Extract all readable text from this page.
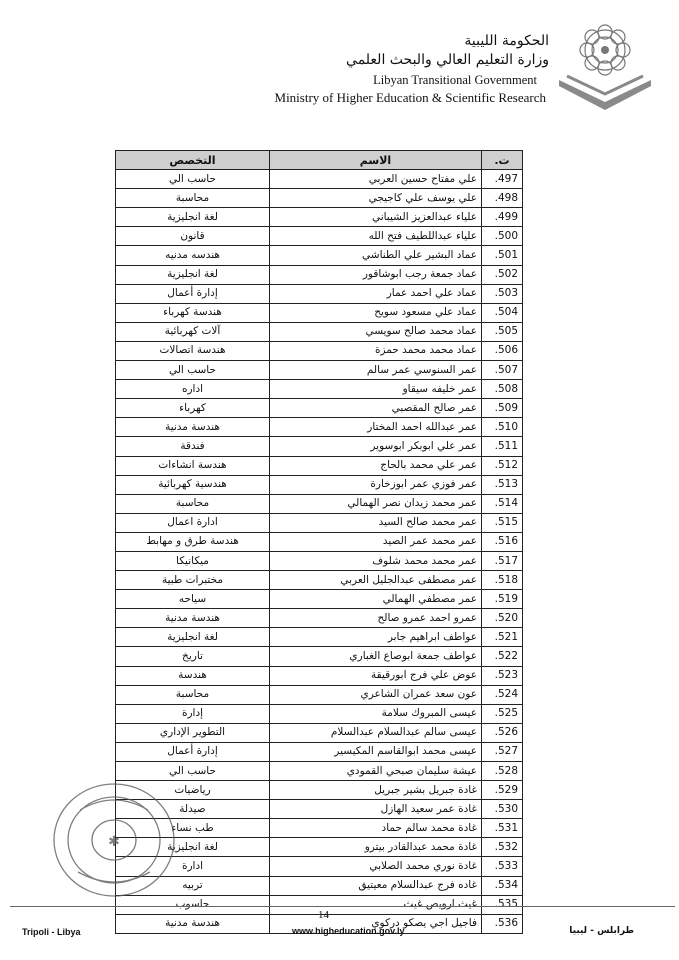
الحكومة الليبية
وزارة التعليم العالي والبحث العلمي
Libyan Transitional Government
Ministry of Higher Education & Scientific Research
ت.	الاسم	التخصص
497.	علي مفتاح حسين العربي	حاسب الي
498.	علي يوسف علي كاجيجي	محاسبة
499.	علياء عبدالعزيز الشيباني	لغة انجليزية
500.	علياء عبداللطيف فتح الله	قانون
501.	عماد البشير علي الطناشي	هندسه مدنيه
502.	عماد جمعة رجب ابوشاقور	لغة انجليزية
503.	عماد علي احمد عمار	إدارة أعمال
504.	عماد علي مسعود سويح	هندسة كهرباء
505.	عماد محمد صالح سويسي	آلات كهربائية
506.	عماد محمد محمد حمزة	هندسة اتصالات
507.	عمر السنوسي عمر سالم	حاسب الي
508.	عمر خليفه سيقاو	اداره
509.	عمر صالح المقصبي	كهرباء
510.	عمر عبدالله احمد المختار	هندسة مدنية
511.	عمر علي ابوبكر ابوسوير	فندقة
512.	عمر علي محمد بالحاج	هندسة انشاءات
513.	عمر فوزي عمر ابوزخارة	هندسية كهربائية
514.	عمر محمد زيدان نصر الهمالي	محاسبة
515.	عمر محمد صالح السيد	ادارة اعمال
516.	عمر محمد عمر الصيد	هندسة طرق و مهابط
517.	عمر محمد محمد شلوف	ميكانيكا
518.	عمر مصطفى عبدالجليل العربي	مختبرات طبية
519.	عمر مصطفي الهمالي	سياحه
520.	عمرو احمد عمرو صالح	هندسة مدنية
521.	عواطف ابراهيم جابر	لغة انجليزية
522.	عواطف جمعة ابوصاع الغباري	تاريخ
523.	عوض علي فرج ابورقيقة	هندسة
524.	عون سعد عمران الشاعري	محاسبة
525.	عيسى المبروك سلامة	إدارة
526.	عيسى سالم عبدالسلام عبدالسلام	التطوير الإداري
527.	عيسى محمد ابوالقاسم المكيسير	إدارة أعمال
528.	عيشة سليمان صبحي القمودي	حاسب الي
529.	غادة جبريل بشير جبريل	رياضيات
530.	غادة عمر سعيد الهازل	صيدلة
531.	غادة محمد سالم حماد	طب نساء
532.	غادة محمد عبدالقادر بيترو	لغة انجليزية
533.	غادة نوري محمد الصلابي	ادارة
534.	غاده فرج عبدالسلام معيتيق	تربيه
535.	غيث ارويص غيث	حاسوب
536.	فاجيل اجي يصكو دركوي	هندسة مدنية
✱
14
Tripoli - Libya	www.higheducation.gov.ly	طرابلس - ليبيا
